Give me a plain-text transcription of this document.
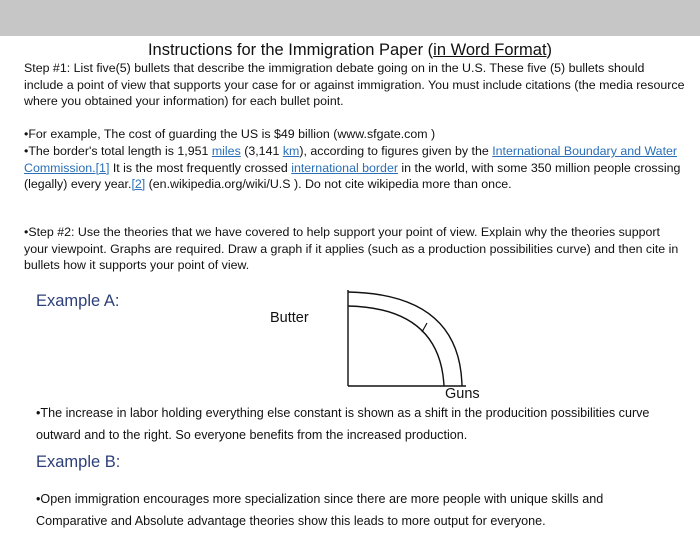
Instructions for the Immigration Paper (in Word Format)
Step #1: List five(5) bullets that describe the immigration debate going on in the U.S. These five (5) bullets should include a point of view that supports your case for or against immigration. You must include citations (the media resource where you obtained your information) for each bullet point.
•For example, The cost of guarding the US is $49 billion (www.sfgate.com )
•The border's total length is 1,951 miles (3,141 km), according to figures given by the International Boundary and Water Commission.[1] It is the most frequently crossed international border in the world, with some 350 million people crossing (legally) every year.[2] (en.wikipedia.org/wiki/U.S ). Do not cite wikipedia more than once.
•Step #2: Use the theories that we have covered to help support your point of view. Explain why the theories support your viewpoint. Graphs are required. Draw a graph if it applies (such as a production possibilities curve) and then cite in bullets how it supports your point of view.
Example A:
Butter
Guns
•The increase in labor holding everything else constant is shown as a shift in the producition possibilities curve outward and to the right. So everyone benefits from the increased production.
Example B:
•Open immigration encourages more specialization since there are more people with unique skills and Comparative and Absolute advantage theories show this leads to more output for everyone.
